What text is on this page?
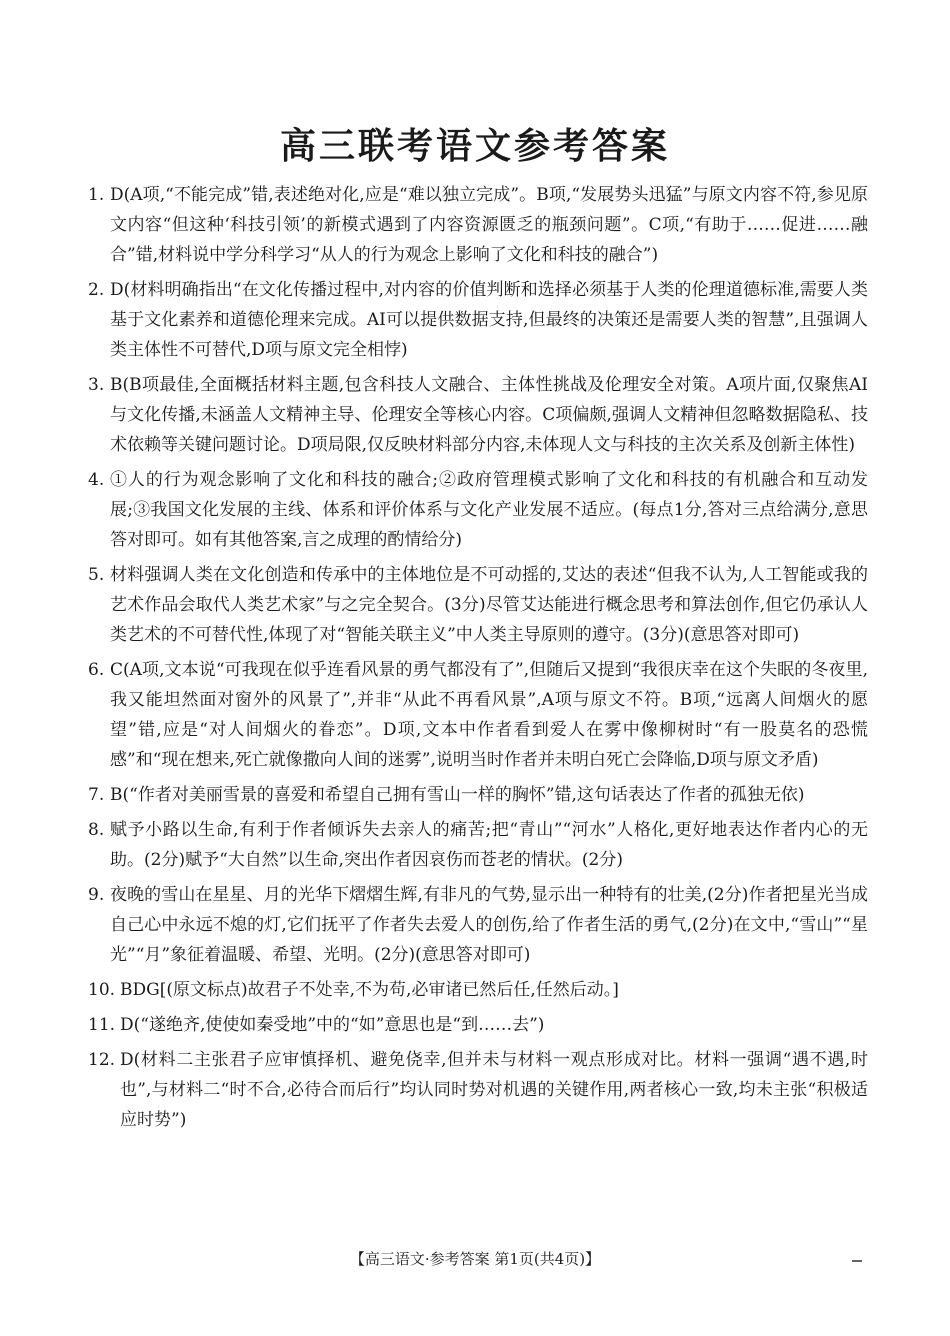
高三联考语文参考答案
1. D(A项,“不能完成”错,表述绝对化,应是“难以独立完成”。B项,“发展势头迅猛”与原文内容不符,参见原文内容“但这种‘科技引领’的新模式遇到了内容资源匮乏的瓶颈问题”。C项,“有助于……促进……融合”错,材料说中学分科学习“从人的行为观念上影响了文化和科技的融合”)
2. D(材料明确指出“在文化传播过程中,对内容的价值判断和选择必须基于人类的伦理道德标准,需要人类基于文化素养和道德伦理来完成。AI可以提供数据支持,但最终的决策还是需要人类的智慧”,且强调人类主体性不可替代,D项与原文完全相悖)
3. B(B项最佳,全面概括材料主题,包含科技人文融合、主体性挑战及伦理安全对策。A项片面,仅聚焦AI与文化传播,未涵盖人文精神主导、伦理安全等核心内容。C项偏颇,强调人文精神但忽略数据隐私、技术依赖等关键问题讨论。D项局限,仅反映材料部分内容,未体现人文与科技的主次关系及创新主体性)
4. ①人的行为观念影响了文化和科技的融合;②政府管理模式影响了文化和科技的有机融合和互动发展;③我国文化发展的主线、体系和评价体系与文化产业发展不适应。(每点1分,答对三点给满分,意思答对即可。如有其他答案,言之成理的酌情给分)
5. 材料强调人类在文化创造和传承中的主体地位是不可动摇的,艾达的表述“但我不认为,人工智能或我的艺术作品会取代人类艺术家”与之完全契合。(3分)尽管艾达能进行概念思考和算法创作,但它仍承认人类艺术的不可替代性,体现了对“智能关联主义”中人类主导原则的遵守。(3分)(意思答对即可)
6. C(A项,文本说“可我现在似乎连看风景的勇气都没有了”,但随后又提到“我很庆幸在这个失眠的冬夜里,我又能坦然面对窗外的风景了”,并非“从此不再看风景”,A项与原文不符。B项,“远离人间烟火的愿望”错,应是“对人间烟火的眷恋”。D项,文本中作者看到爱人在雾中像柳树时“有一股莫名的恐慌感”和“现在想来,死亡就像撒向人间的迷雾”,说明当时作者并未明白死亡会降临,D项与原文矛盾)
7. B(“作者对美丽雪景的喜爱和希望自己拥有雪山一样的胸怀”错,这句话表达了作者的孤独无依)
8. 赋予小路以生命,有利于作者倾诉失去亲人的痛苦;把“青山”“河水”人格化,更好地表达作者内心的无助。(2分)赋予“大自然”以生命,突出作者因哀伤而苍老的情状。(2分)
9. 夜晚的雪山在星星、月的光华下熠熠生辉,有非凡的气势,显示出一种特有的壮美,(2分)作者把星光当成自己心中永远不熄的灯,它们抚平了作者失去爱人的创伤,给了作者生活的勇气,(2分)在文中,“雪山”“星光”“月”象征着温暖、希望、光明。(2分)(意思答对即可)
10. BDG[(原文标点)故君子不处幸,不为苟,必审诸已然后任,任然后动。]
11. D(“遂绝齐,使使如秦受地”中的“如”意思也是“到……去”)
12. D(材料二主张君子应审慎择机、避免侥幸,但并未与材料一观点形成对比。材料一强调“遇不遇,时也”,与材料二“时不合,必待合而后行”均认同时势对机遇的关键作用,两者核心一致,均未主张“积极适应时势”)
【高三语文·参考答案 第1页(共4页)】
